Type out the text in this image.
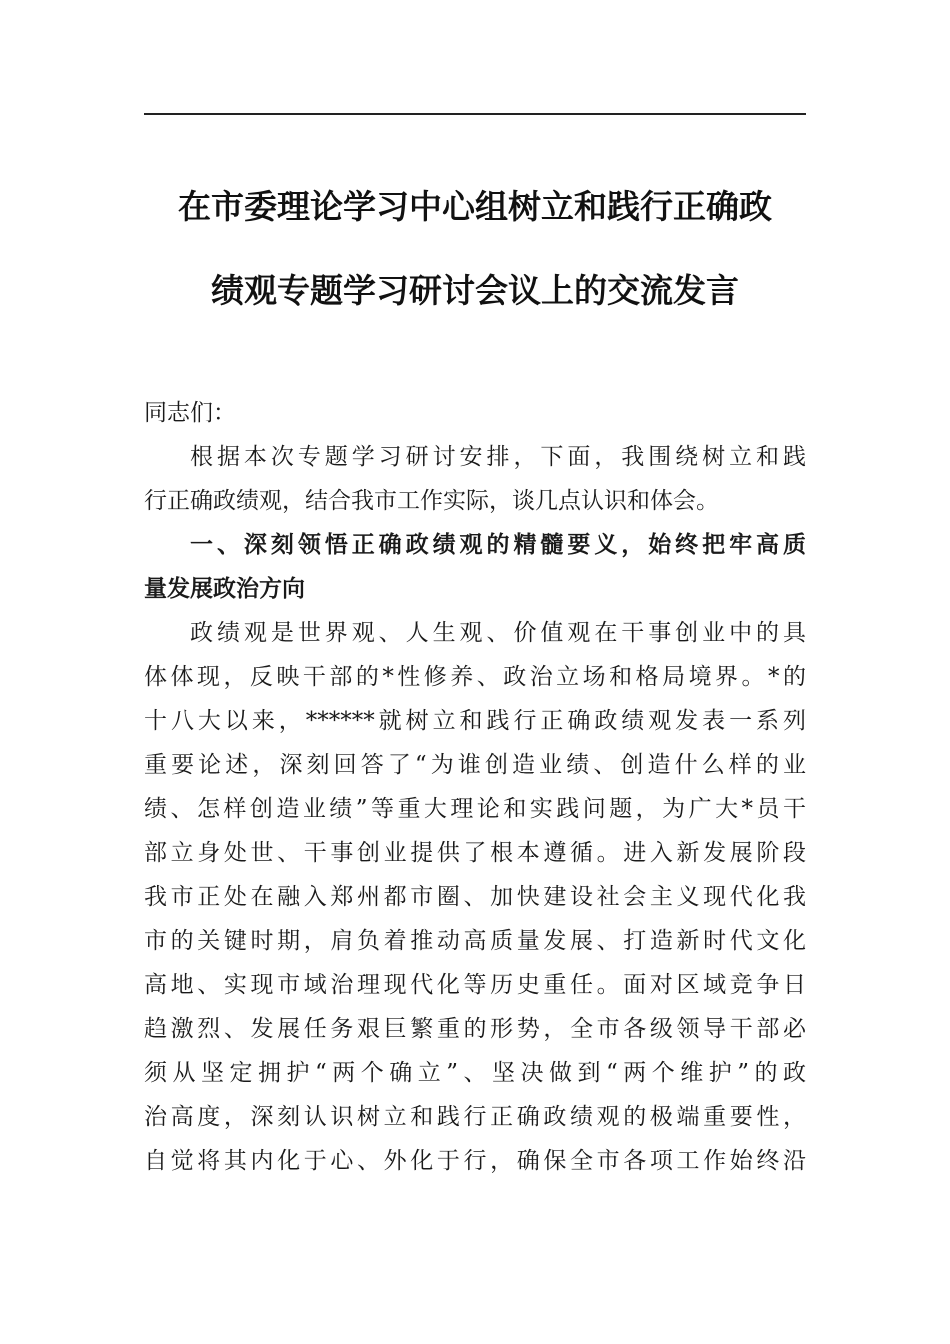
在市委理论学习中心组树立和践行正确政
绩观专题学习研讨会议上的交流发言
同志们：
根据本次专题学习研讨安排，下面，我围绕树立和践
行正确政绩观，结合我市工作实际，谈几点认识和体会。
一、深刻领悟正确政绩观的精髓要义，始终把牢高质
量发展政治方向
政绩观是世界观、人生观、价值观在干事创业中的具
体体现，反映干部的*性修养、政治立场和格局境界。*的
十八大以来，******就树立和践行正确政绩观发表一系列
重要论述，深刻回答了“为谁创造业绩、创造什么样的业
绩、怎样创造业绩”等重大理论和实践问题，为广大*员干
部立身处世、干事创业提供了根本遵循。进入新发展阶段
我市正处在融入郑州都市圈、加快建设社会主义现代化我
市的关键时期，肩负着推动高质量发展、打造新时代文化
高地、实现市域治理现代化等历史重任。面对区域竞争日
趋激烈、发展任务艰巨繁重的形势，全市各级领导干部必
须从坚定拥护“两个确立”、坚决做到“两个维护”的政
治高度，深刻认识树立和践行正确政绩观的极端重要性，
自觉将其内化于心、外化于行，确保全市各项工作始终沿
